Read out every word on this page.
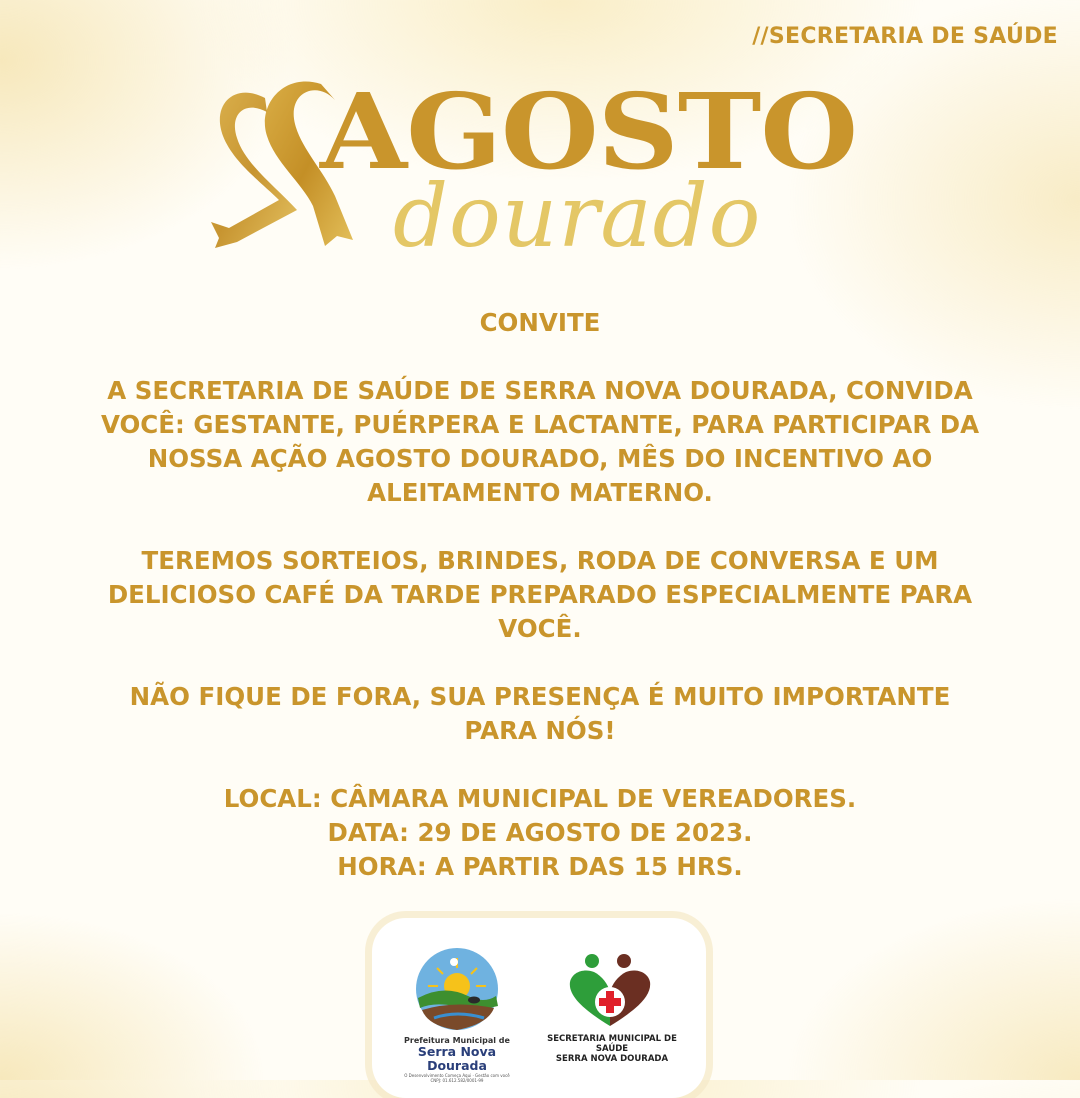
//SECRETARIA DE SAÚDE
AGOSTO
dourado

CONVITE

A SECRETARIA DE SAÚDE DE SERRA NOVA DOURADA, CONVIDA VOCÊ: GESTANTE, PUÉRPERA E LACTANTE, PARA PARTICIPAR DA NOSSA AÇÃO AGOSTO DOURADO, MÊS DO INCENTIVO AO ALEITAMENTO MATERNO.

TEREMOS SORTEIOS, BRINDES, RODA DE CONVERSA E UM DELICIOSO CAFÉ DA TARDE PREPARADO ESPECIALMENTE PARA VOCÊ.

NÃO FIQUE DE FORA, SUA PRESENÇA É MUITO IMPORTANTE PARA NÓS!

LOCAL: CÂMARA MUNICIPAL DE VEREADORES.
DATA: 29 DE AGOSTO DE 2023.
HORA: A PARTIR DAS 15 HRS.
Prefeitura Municipal de
Serra Nova Dourada
O Desenvolvimento Começa Aqui · Gestão com você
CNPJ: 01.612.582/0001-99
SECRETARIA MUNICIPAL DE SAÚDE
SERRA NOVA DOURADA
